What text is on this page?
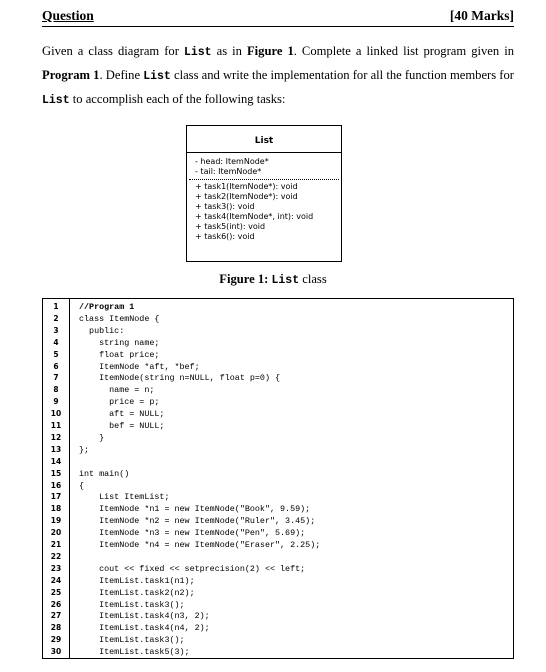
Question	[40 Marks]
Given a class diagram for List as in Figure 1. Complete a linked list program given in Program 1. Define List class and write the implementation for all the function members for List to accomplish each of the following tasks:
List
- head: ItemNode*
- tail: ItemNode*
+ task1(ItemNode*): void
+ task2(ItemNode*): void
+ task3(): void
+ task4(ItemNode*, int): void
+ task5(int): void
+ task6(): void
Figure 1: List class
1
2
3
4
5
6
7
8
9
10
11
12
13
14
15
16
17
18
19
20
21
22
23
24
25
26
27
28
29
30
//Program 1
class ItemNode {
public:
string name;
float price;
ItemNode *aft, *bef;
ItemNode(string n=NULL, float p=0) {
name = n;
price = p;
aft = NULL;
bef = NULL;
}
};
int main()
{
List ItemList;
ItemNode *n1 = new ItemNode("Book", 9.59);
ItemNode *n2 = new ItemNode("Ruler", 3.45);
ItemNode *n3 = new ItemNode("Pen", 5.69);
ItemNode *n4 = new ItemNode("Eraser", 2.25);
cout << fixed << setprecision(2) << left;
ItemList.task1(n1);
ItemList.task2(n2);
ItemList.task3();
ItemList.task4(n3, 2);
ItemList.task4(n4, 2);
ItemList.task3();
ItemList.task5(3);
